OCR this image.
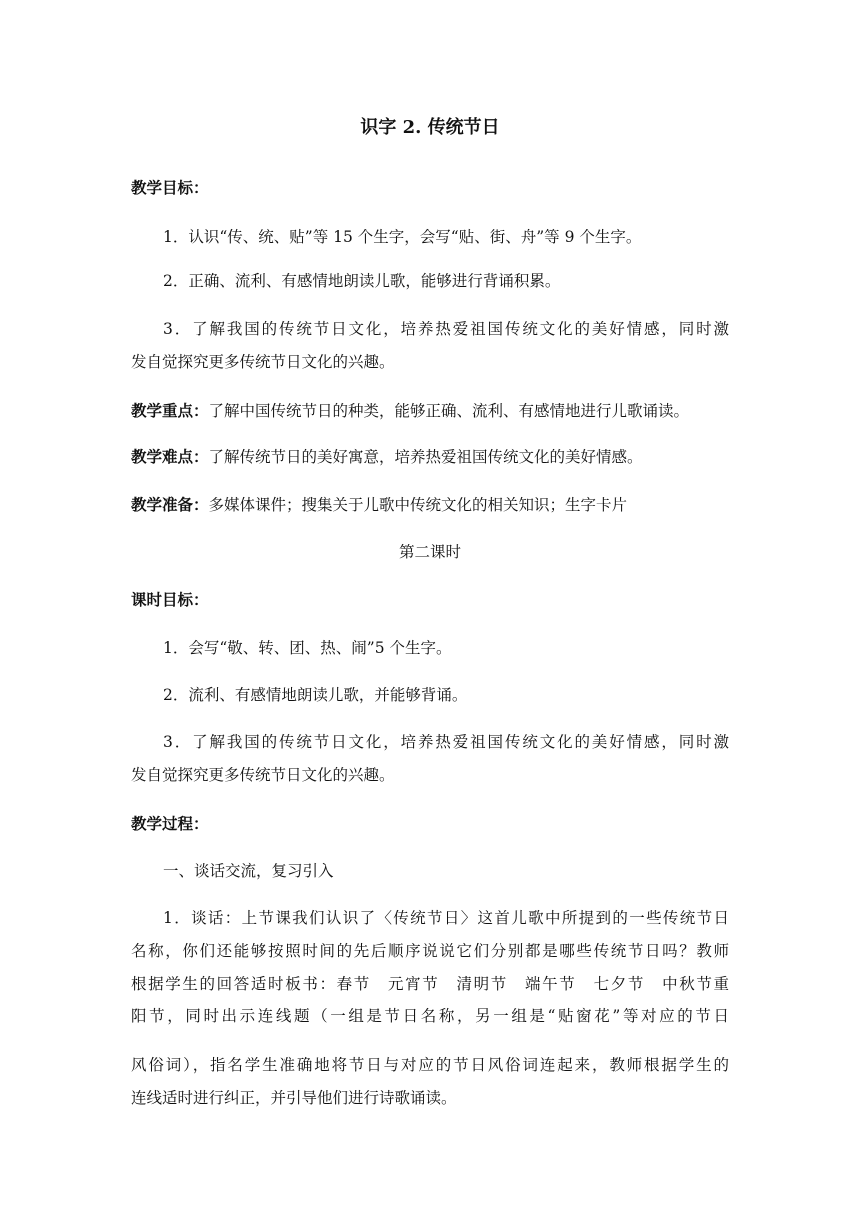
识字 2. 传统节日
教学目标：
1．认识“传、统、贴”等 15 个生字，会写“贴、街、舟”等 9 个生字。
2．正确、流利、有感情地朗读儿歌，能够进行背诵积累。
3．了解我国的传统节日文化，培养热爱祖国传统文化的美好情感，同时激
发自觉探究更多传统节日文化的兴趣。
教学重点：了解中国传统节日的种类，能够正确、流利、有感情地进行儿歌诵读。
教学难点：了解传统节日的美好寓意，培养热爱祖国传统文化的美好情感。
教学准备：多媒体课件；搜集关于儿歌中传统文化的相关知识；生字卡片
第二课时
课时目标：
1．会写“敬、转、团、热、闹”5 个生字。
2．流利、有感情地朗读儿歌，并能够背诵。
3．了解我国的传统节日文化，培养热爱祖国传统文化的美好情感，同时激
发自觉探究更多传统节日文化的兴趣。
教学过程：
一、谈话交流，复习引入
1．谈话：上节课我们认识了〈传统节日〉这首儿歌中所提到的一些传统节日
名称，你们还能够按照时间的先后顺序说说它们分别都是哪些传统节日吗？教师
根据学生的回答适时板书：春节　元宵节　清明节　端午节　七夕节　中秋节重
阳节，同时出示连线题（一组是节日名称，另一组是“贴窗花”等对应的节日
风俗词），指名学生准确地将节日与对应的节日风俗词连起来，教师根据学生的
连线适时进行纠正，并引导他们进行诗歌诵读。
